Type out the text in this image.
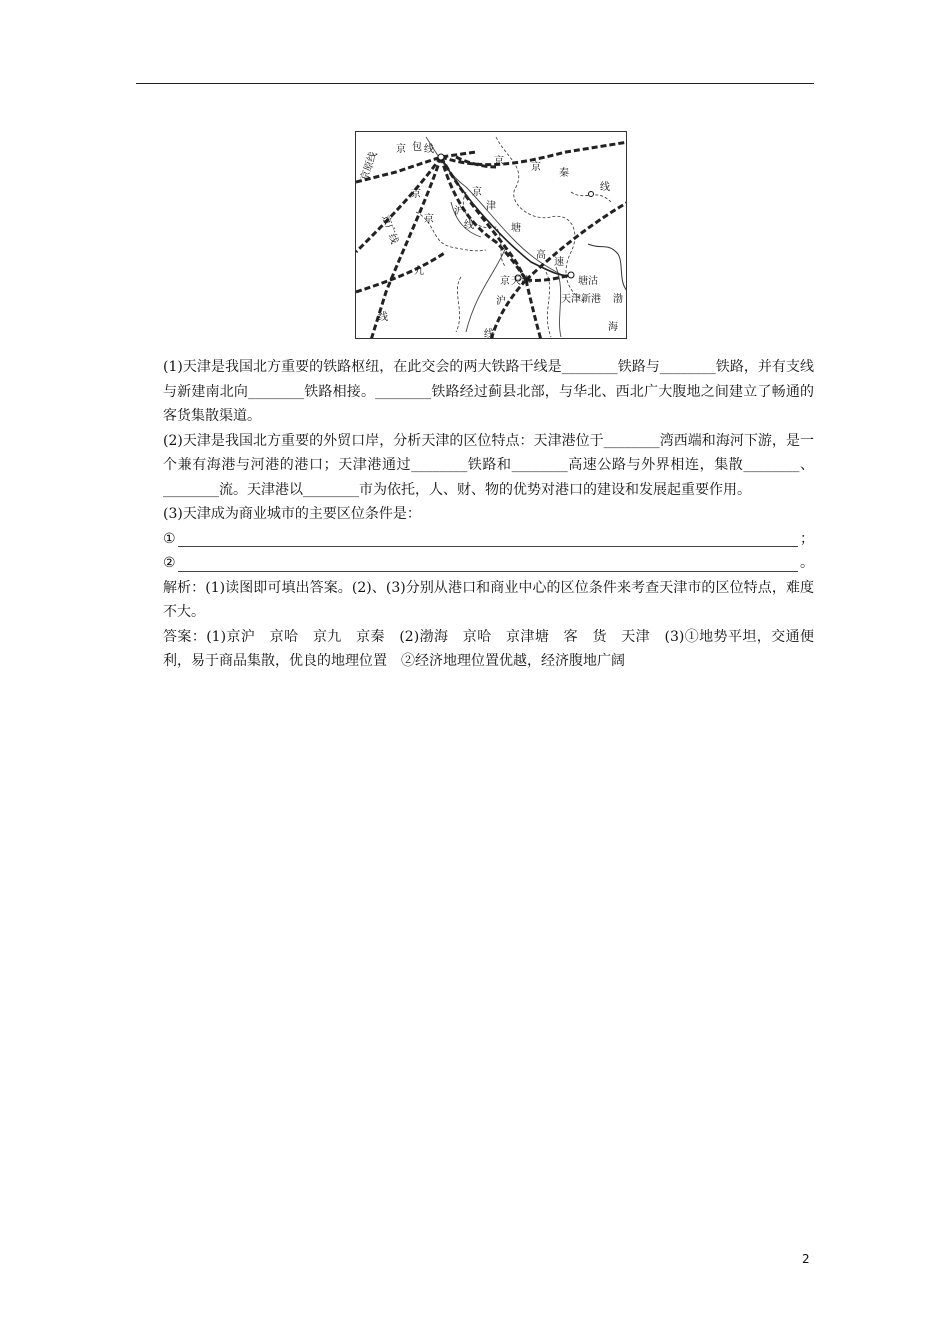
京 包 线
京原线
京广线
京
九
线
京
沪
线
京
津
塘
高
速
京
京
秦
线
沪
线
京 天津	塘沽
天津新港 渤
海

(1)天津是我国北方重要的铁路枢纽，在此交会的两大铁路干线是________铁路与________铁路，并有支线与新建南北向________铁路相接。________铁路经过蓟县北部，与华北、西北广大腹地之间建立了畅通的客货集散渠道。

(2)天津是我国北方重要的外贸口岸，分析天津的区位特点：天津港位于________湾西端和海河下游，是一个兼有海港与河港的港口；天津港通过________铁路和________高速公路与外界相连，集散________、________流。天津港以________市为依托，人、财、物的优势对港口的建设和发展起重要作用。

(3)天津成为商业城市的主要区位条件是：

①	；
②	。

解析：(1)读图即可填出答案。(2)、(3)分别从港口和商业中心的区位条件来考查天津市的区位特点，难度不大。

答案：(1)京沪　京哈　京九　京秦　(2)渤海　京哈　京津塘　客　货　天津　(3)①地势平坦，交通便利，易于商品集散，优良的地理位置　②经济地理位置优越，经济腹地广阔

2
